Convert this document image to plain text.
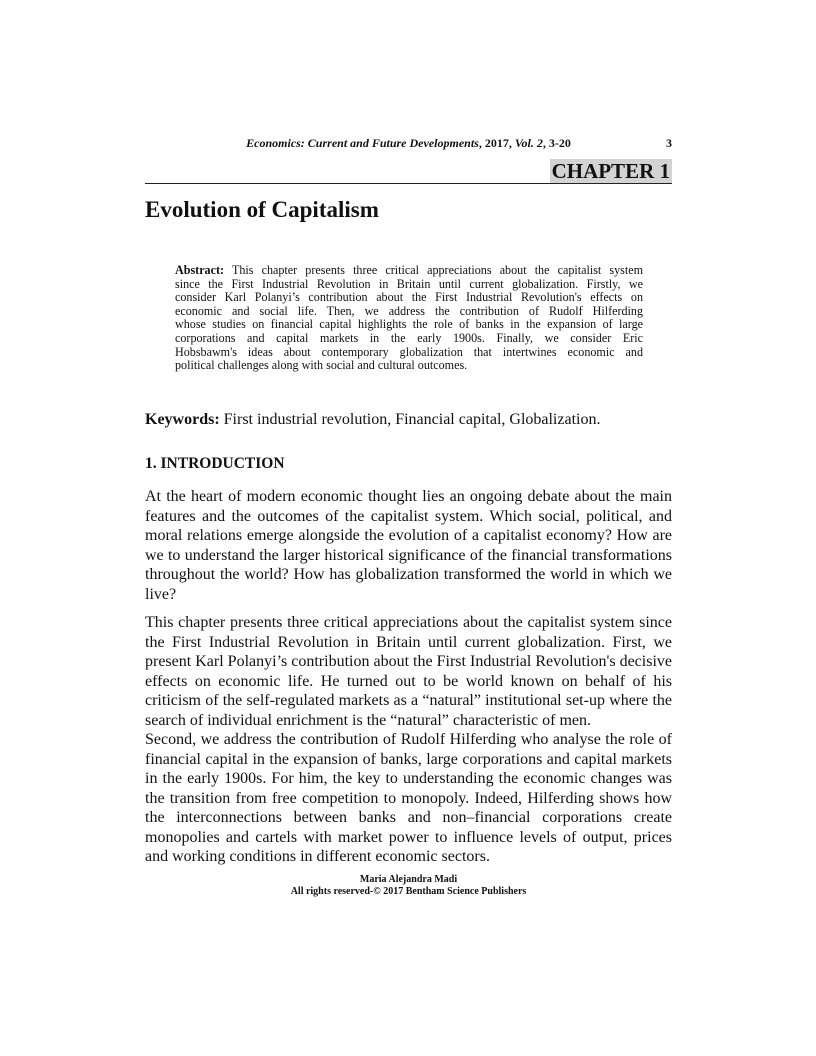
Economics: Current and Future Developments, 2017, Vol. 2, 3-20	3
CHAPTER 1
Evolution of Capitalism
Abstract: This chapter presents three critical appreciations about the capitalist system
since the First Industrial Revolution in Britain until current globalization. Firstly, we
consider Karl Polanyi’s contribution about the First Industrial Revolution's effects on
economic and social life. Then, we address the contribution of Rudolf Hilferding
whose studies on financial capital highlights the role of banks in the expansion of large
corporations and capital markets in the early 1900s. Finally, we consider Eric
Hobsbawm's ideas about contemporary globalization that intertwines economic and
political challenges along with social and cultural outcomes.
Keywords: First industrial revolution, Financial capital, Globalization.
1. INTRODUCTION
At the heart of modern economic thought lies an ongoing debate about the main
features and the outcomes of the capitalist system. Which social, political, and
moral relations emerge alongside the evolution of a capitalist economy? How are
we to understand the larger historical significance of the financial transformations
throughout the world? How has globalization transformed the world in which we
live?
This chapter presents three critical appreciations about the capitalist system since
the First Industrial Revolution in Britain until current globalization. First, we
present Karl Polanyi’s contribution about the First Industrial Revolution's decisive
effects on economic life. He turned out to be world known on behalf of his
criticism of the self-regulated markets as a “natural” institutional set-up where the
search of individual enrichment is the “natural” characteristic of men.
Second, we address the contribution of Rudolf Hilferding who analyse the role of
financial capital in the expansion of banks, large corporations and capital markets
in the early 1900s. For him, the key to understanding the economic changes was
the transition from free competition to monopoly. Indeed, Hilferding shows how
the interconnections between banks and non–financial corporations create
monopolies and cartels with market power to influence levels of output, prices
and working conditions in different economic sectors.
Maria Alejandra Madi
All rights reserved-© 2017 Bentham Science Publishers
